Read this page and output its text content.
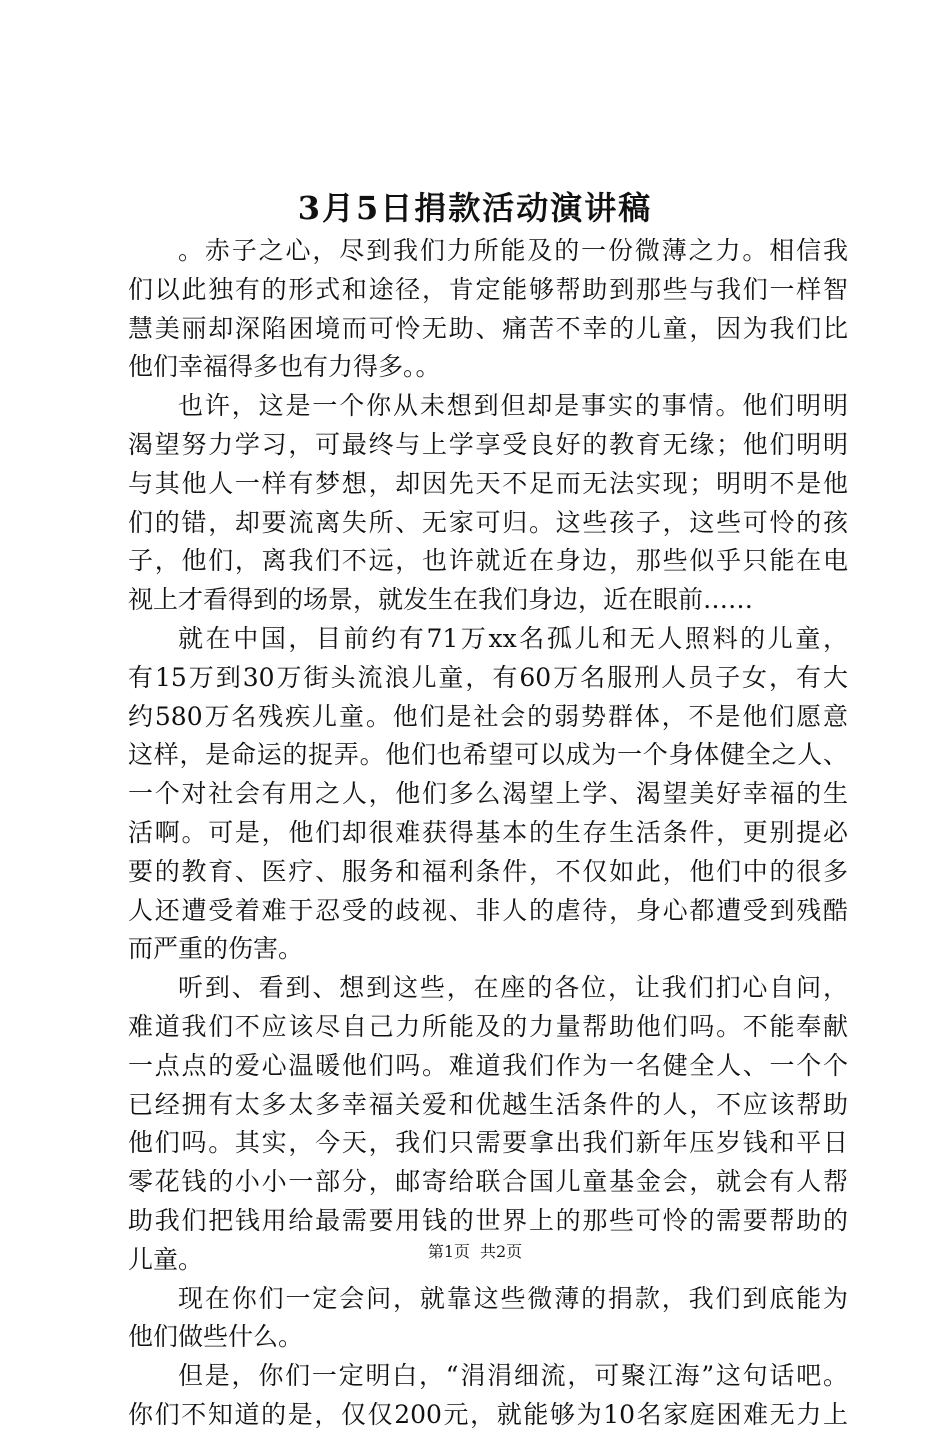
3月5日捐款活动演讲稿
。赤子之心，尽到我们力所能及的一份微薄之力。相信我
们以此独有的形式和途径，肯定能够帮助到那些与我们一样智
慧美丽却深陷困境而可怜无助、痛苦不幸的儿童，因为我们比
他们幸福得多也有力得多。。
也许，这是一个你从未想到但却是事实的事情。他们明明
渴望努力学习，可最终与上学享受良好的教育无缘；他们明明
与其他人一样有梦想，却因先天不足而无法实现；明明不是他
们的错，却要流离失所、无家可归。这些孩子，这些可怜的孩
子，他们，离我们不远，也许就近在身边，那些似乎只能在电
视上才看得到的场景，就发生在我们身边，近在眼前……
就在中国，目前约有71万xx名孤儿和无人照料的儿童，
有15万到30万街头流浪儿童，有60万名服刑人员子女，有大
约580万名残疾儿童。他们是社会的弱势群体，不是他们愿意
这样，是命运的捉弄。他们也希望可以成为一个身体健全之人、
一个对社会有用之人，他们多么渴望上学、渴望美好幸福的生
活啊。可是，他们却很难获得基本的生存生活条件，更别提必
要的教育、医疗、服务和福利条件，不仅如此，他们中的很多
人还遭受着难于忍受的歧视、非人的虐待，身心都遭受到残酷
而严重的伤害。
听到、看到、想到这些，在座的各位，让我们扪心自问，
难道我们不应该尽自己力所能及的力量帮助他们吗。不能奉献
一点点的爱心温暖他们吗。难道我们作为一名健全人、一个个
已经拥有太多太多幸福关爱和优越生活条件的人，不应该帮助
他们吗。其实，今天，我们只需要拿出我们新年压岁钱和平日
零花钱的小小一部分，邮寄给联合国儿童基金会，就会有人帮
助我们把钱用给最需要用钱的世界上的那些可怜的需要帮助的
儿童。
现在你们一定会问，就靠这些微薄的捐款，我们到底能为
他们做些什么。
但是，你们一定明白，“涓涓细流，可聚江海”这句话吧。
你们不知道的是，仅仅200元，就能够为10名家庭困难无力上
第1页 共2页
